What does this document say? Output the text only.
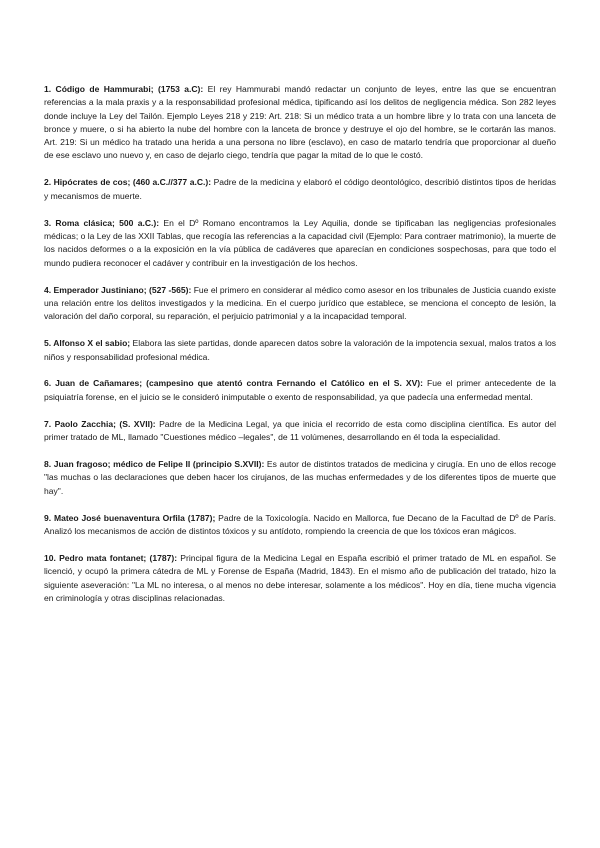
1. Código de Hammurabi; (1753 a.C): El rey Hammurabi mandó redactar un conjunto de leyes, entre las que se encuentran referencias a la mala praxis y a la responsabilidad profesional médica, tipificando así los delitos de negligencia médica. Son 282 leyes donde incluye la Ley del Tailón. Ejemplo Leyes 218 y 219: Art. 218: Si un médico trata a un hombre libre y lo trata con una lanceta de bronce y muere, o si ha abierto la nube del hombre con la lanceta de bronce y destruye el ojo del hombre, se le cortarán las manos. Art. 219: Si un médico ha tratado una herida a una persona no libre (esclavo), en caso de matarlo tendría que proporcionar al dueño de ese esclavo uno nuevo y, en caso de dejarlo ciego, tendría que pagar la mitad de lo que le costó.

2. Hipócrates de cos; (460 a.C.//377 a.C.): Padre de la medicina y elaboró el código deontológico, describió distintos tipos de heridas y mecanismos de muerte.

3. Roma clásica; 500 a.C.): En el Dº Romano encontramos la Ley Aquilia, donde se tipificaban las negligencias profesionales médicas; o la Ley de las XXII Tablas, que recogía las referencias a la capacidad civil (Ejemplo: Para contraer matrimonio), la muerte de los nacidos deformes o a la exposición en la vía pública de cadáveres que aparecían en condiciones sospechosas, para que todo el mundo pudiera reconocer el cadáver y contribuir en la investigación de los hechos.

4. Emperador Justiniano; (527 -565): Fue el primero en considerar al médico como asesor en los tribunales de Justicia cuando existe una relación entre los delitos investigados y la medicina. En el cuerpo jurídico que establece, se menciona el concepto de lesión, la valoración del daño corporal, su reparación, el perjuicio patrimonial y a la incapacidad temporal.

5. Alfonso X el sabio; Elabora las siete partidas, donde aparecen datos sobre la valoración de la impotencia sexual, malos tratos a los niños y responsabilidad profesional médica.

6. Juan de Cañamares; (campesino que atentó contra Fernando el Católico en el S. XV): Fue el primer antecedente de la psiquiatría forense, en el juicio se le consideró inimputable o exento de responsabilidad, ya que padecía una enfermedad mental.

7. Paolo Zacchia; (S. XVII): Padre de la Medicina Legal, ya que inicia el recorrido de esta como disciplina científica. Es autor del primer tratado de ML, llamado "Cuestiones médico –legales", de 11 volúmenes, desarrollando en él toda la especialidad.

8. Juan fragoso; médico de Felipe II (principio S.XVII): Es autor de distintos tratados de medicina y cirugía. En uno de ellos recoge "las muchas o las declaraciones que deben hacer los cirujanos, de las muchas enfermedades y de los diferentes tipos de muerte que hay".

9. Mateo José buenaventura Orfila (1787); Padre de la Toxicología. Nacido en Mallorca, fue Decano de la Facultad de Dº de París. Analizó los mecanismos de acción de distintos tóxicos y su antídoto, rompiendo la creencia de que los tóxicos eran mágicos.

10. Pedro mata fontanet; (1787): Principal figura de la Medicina Legal en España escribió el primer tratado de ML en español. Se licenció, y ocupó la primera cátedra de ML y Forense de España (Madrid, 1843). En el mismo año de publicación del tratado, hizo la siguiente aseveración: "La ML no interesa, o al menos no debe interesar, solamente a los médicos". Hoy en día, tiene mucha vigencia en criminología y otras disciplinas relacionadas.
